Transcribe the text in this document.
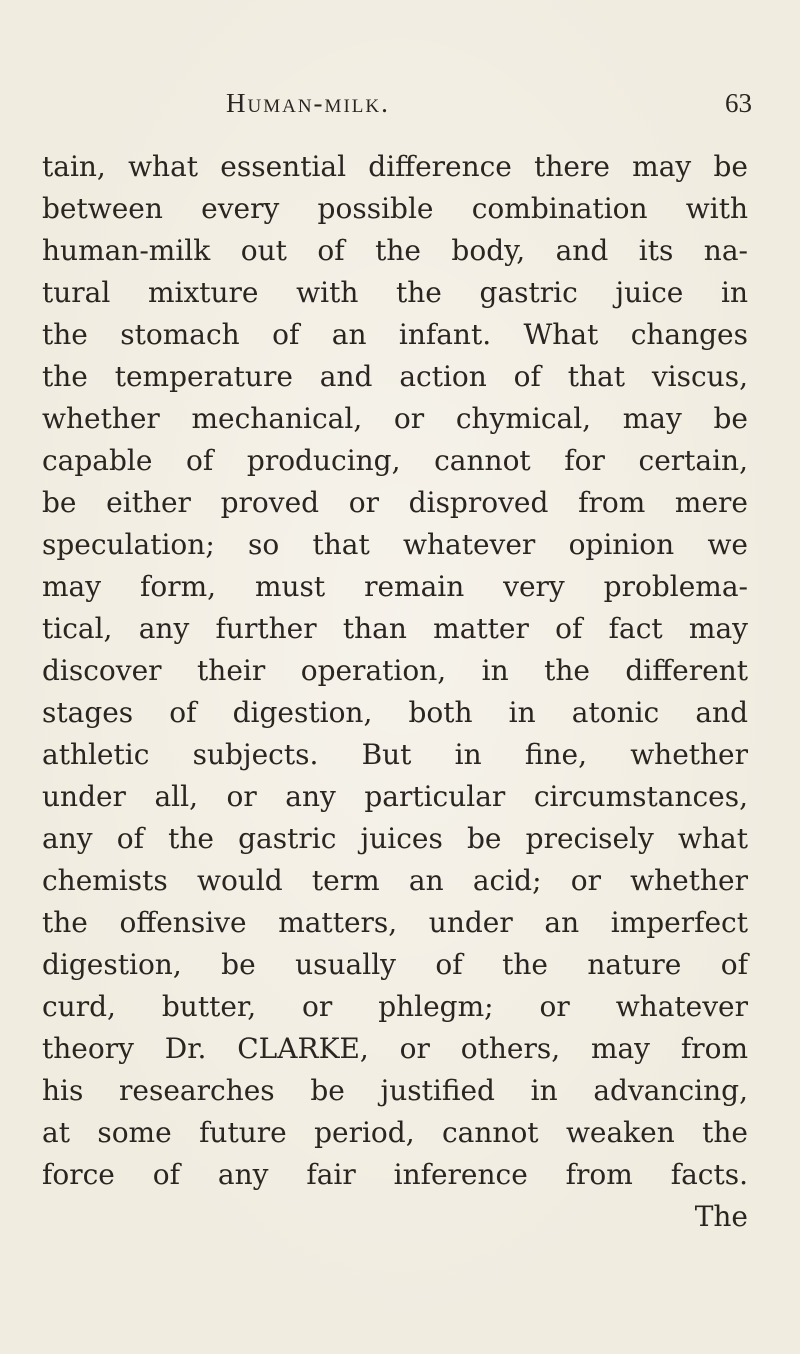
Human-milk.	63
tain, what essential difference there may be
between every possible combination with
human-milk out of the body, and its na-
tural mixture with the gastric juice in
the stomach of an infant. What changes
the temperature and action of that viscus,
whether mechanical, or chymical, may be
capable of producing, cannot for certain,
be either proved or disproved from mere
speculation; so that whatever opinion we
may form, must remain very problema-
tical, any further than matter of fact may
discover their operation, in the different
stages of digestion, both in atonic and
athletic subjects. But in fine, whether
under all, or any particular circumstances,
any of the gastric juices be precisely what
chemists would term an acid; or whether
the offensive matters, under an imperfect
digestion, be usually of the nature of
curd, butter, or phlegm; or whatever
theory Dr. CLARKE, or others, may from
his researches be justified in advancing,
at some future period, cannot weaken the
force of any fair inference from facts.
The
